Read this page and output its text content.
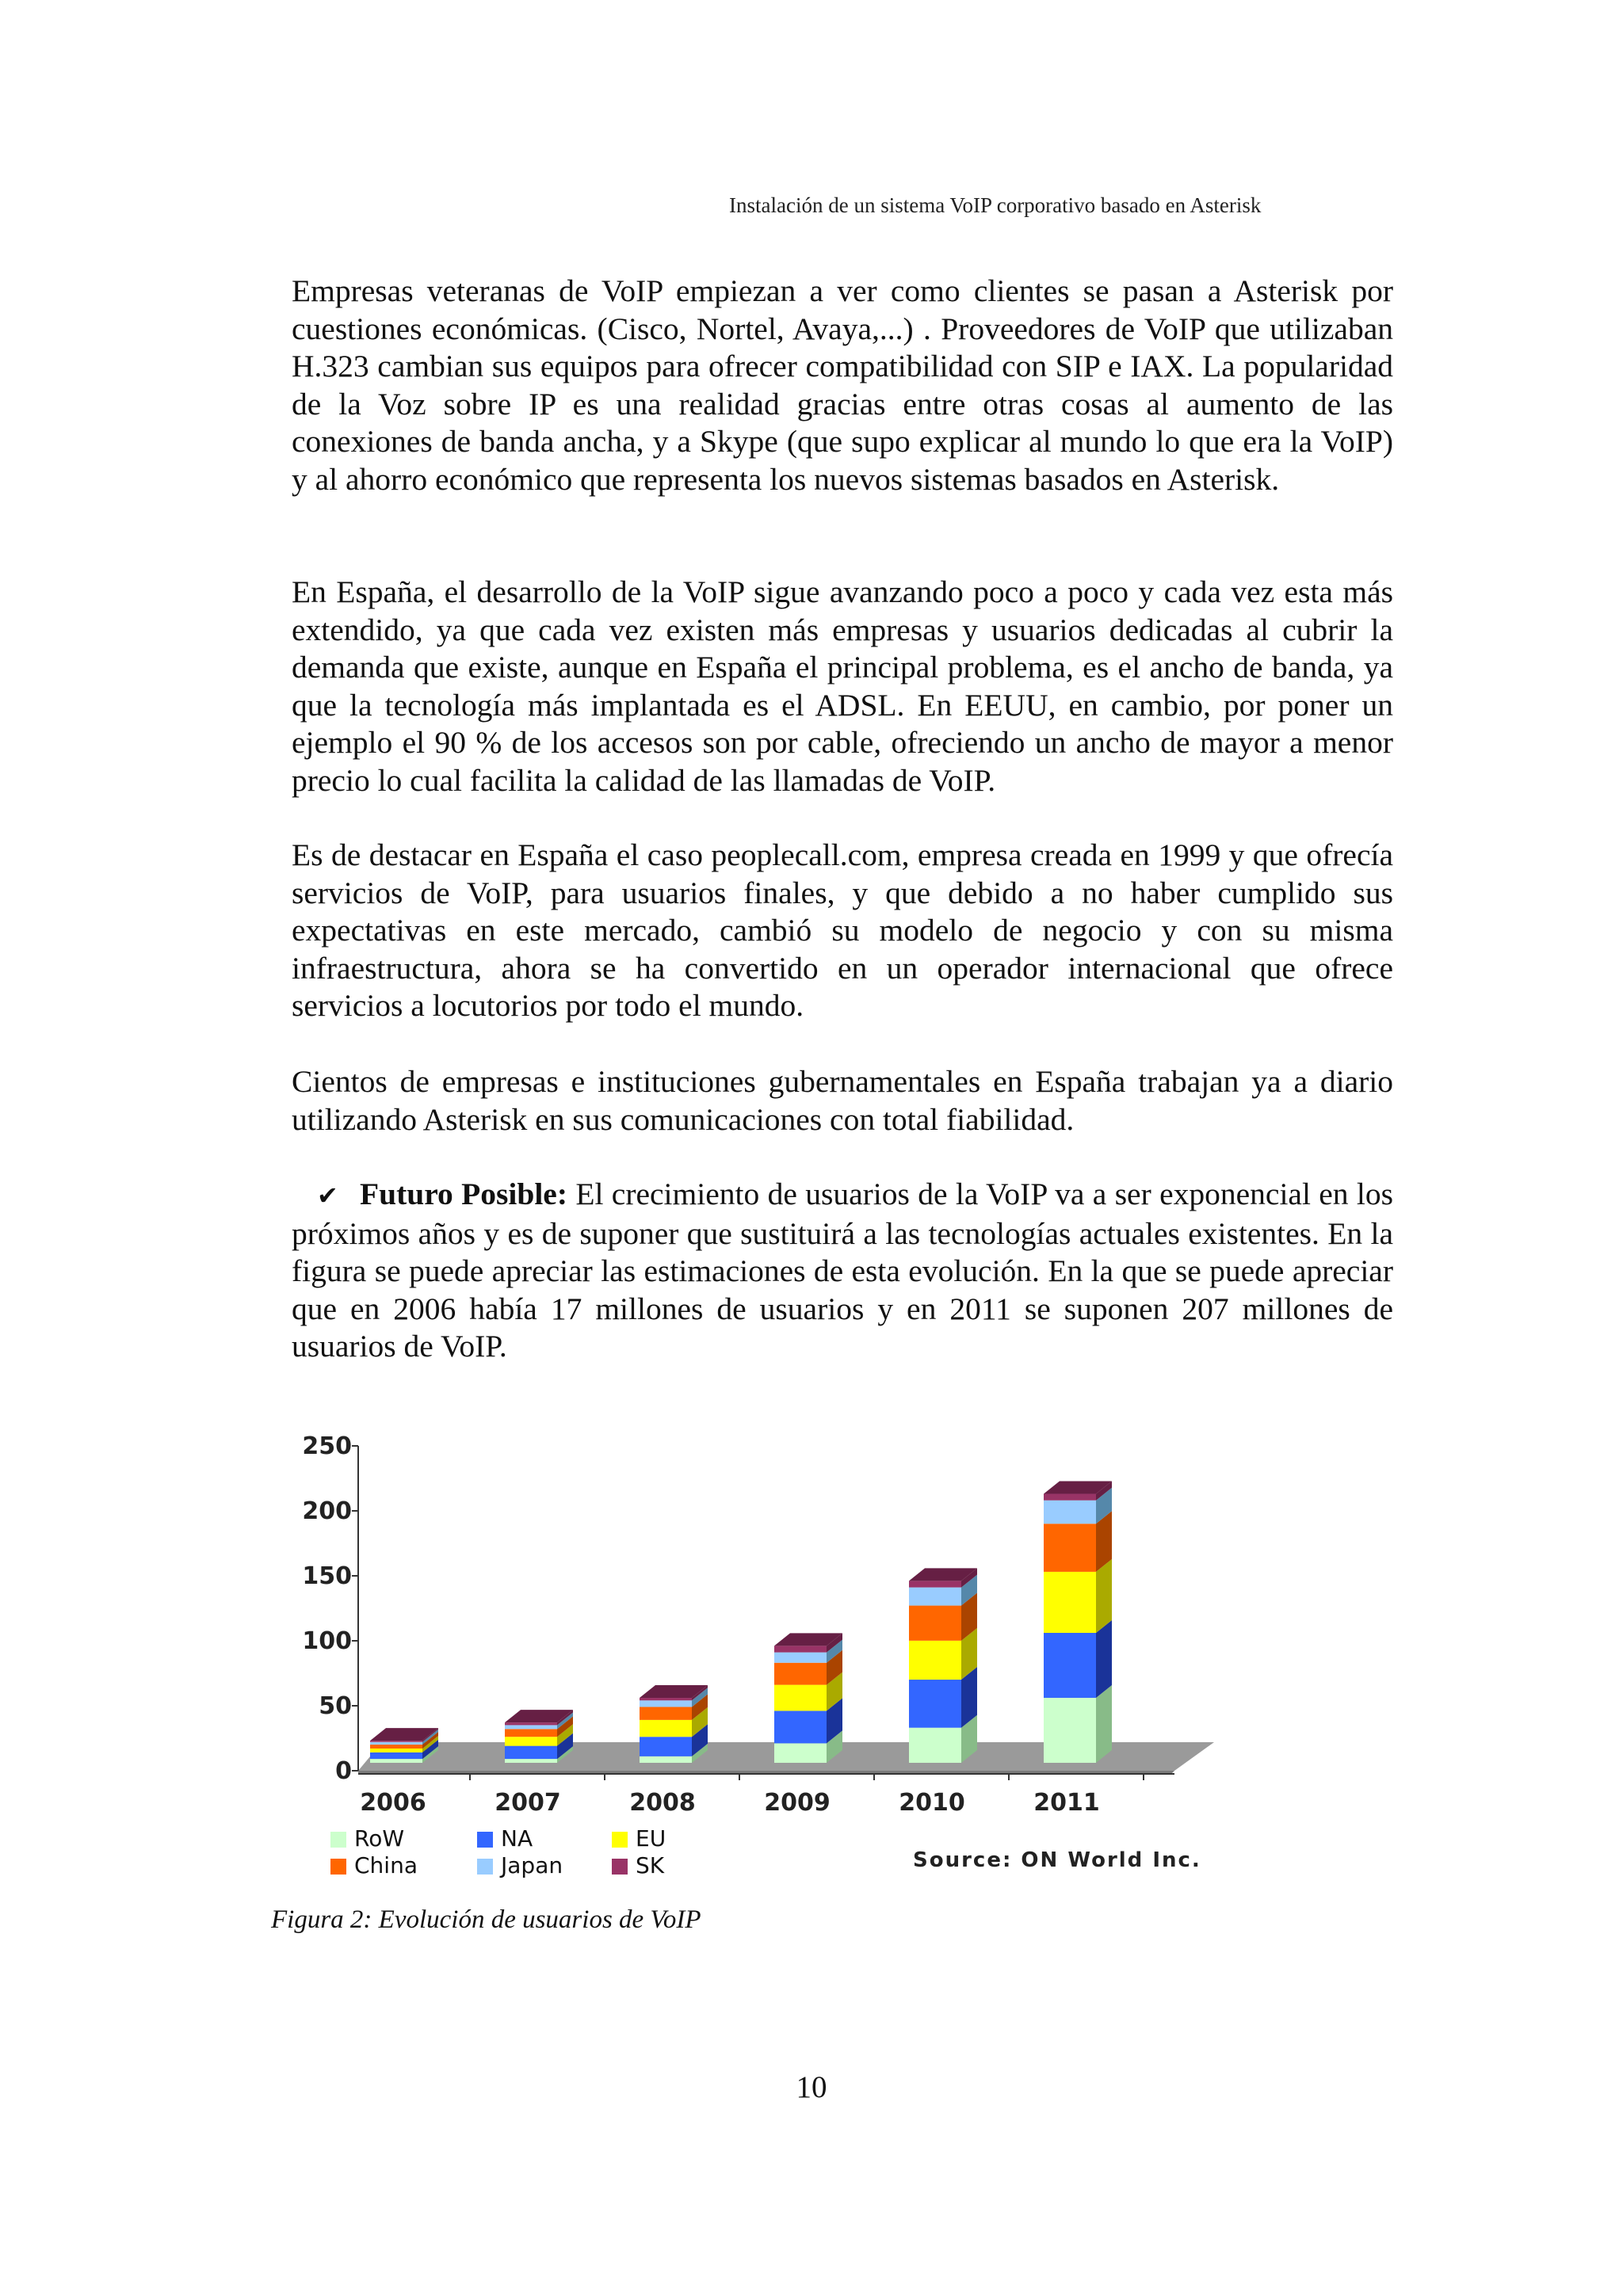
Instalación de un sistema VoIP corporativo basado en Asterisk

Empresas veteranas de VoIP empiezan a ver como clientes se pasan a Asterisk por cuestiones económicas. (Cisco, Nortel, Avaya,...) . Proveedores de VoIP que utilizaban H.323 cambian sus equipos para ofrecer compatibilidad con SIP e IAX. La popularidad de la Voz sobre IP es una realidad gracias entre otras cosas al aumento de las conexiones de banda ancha, y a Skype (que supo explicar al mundo lo que era la VoIP) y al ahorro económico que representa los nuevos sistemas basados en Asterisk.

En España, el desarrollo de la VoIP sigue avanzando poco a poco y cada vez esta más extendido, ya que cada vez existen más empresas y usuarios dedicadas al cubrir la demanda que existe, aunque en España el principal problema, es el ancho de banda, ya que la tecnología más implantada es el ADSL. En EEUU, en cambio, por poner un ejemplo el 90 % de los accesos son por cable, ofreciendo un ancho de mayor a menor precio lo cual facilita la calidad de las llamadas de VoIP.

Es de destacar en España el caso peoplecall.com, empresa creada en 1999 y que ofrecía servicios de VoIP, para usuarios finales, y que debido a no haber cumplido sus expectativas en este mercado, cambió su modelo de negocio y con su misma infraestructura, ahora se ha convertido en un operador internacional que ofrece servicios a locutorios por todo el mundo.

Cientos de empresas e instituciones gubernamentales en España trabajan ya a diario utilizando Asterisk en sus comunicaciones con total fiabilidad.

✔ Futuro Posible: El crecimiento de usuarios de la VoIP va a ser exponencial en los próximos años y es de suponer que sustituirá a las tecnologías actuales existentes. En la figura se puede apreciar las estimaciones de esta evolución. En la que se puede apreciar que en 2006 había 17 millones de usuarios y en 2011 se suponen 207 millones de usuarios de VoIP.

0
50
100
150
200
250
2006	2007	2008	2009	2010	2011
RoW	NA	EU
China	Japan	SK	Source: ON World Inc.
Figura 2: Evolución de usuarios de VoIP
10
